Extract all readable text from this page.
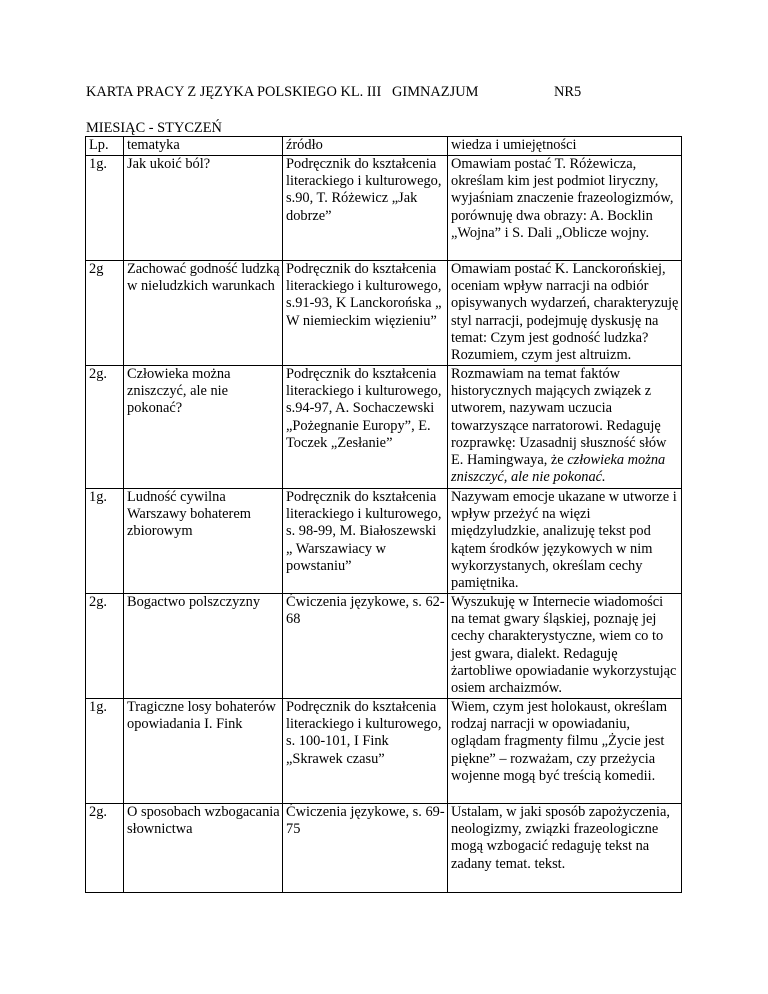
KARTA PRACY Z JĘZYKA POLSKIEGO KL. III   GIMNAZJUM	NR5
MIESIĄC - STYCZEŃ
Lp.	tematyka	źródło	wiedza i umiejętności
1g.	Jak ukoić ból?	Podręcznik do kształcenia literackiego i kulturowego, s.90, T. Różewicz „Jak dobrze”	Omawiam postać T. Różewicza, określam kim jest podmiot liryczny, wyjaśniam znaczenie frazeologizmów, porównuję dwa obrazy: A. Bocklin „Wojna” i S. Dali „Oblicze wojny.
2g	Zachować godność ludzką w nieludzkich warunkach	Podręcznik do kształcenia literackiego i kulturowego, s.91-93, K Lanckorońska „ W niemieckim więzieniu”	Omawiam postać K. Lanckorońskiej, oceniam wpływ narracji na odbiór opisywanych wydarzeń, charakteryzuję styl narracji, podejmuję dyskusję na temat: Czym jest godność ludzka? Rozumiem, czym jest altruizm.
2g.	Człowieka można zniszczyć, ale nie pokonać?	Podręcznik do kształcenia literackiego i kulturowego, s.94-97, A. Sochaczewski „Pożegnanie Europy”, E. Toczek „Zesłanie”	Rozmawiam na temat faktów historycznych mających związek z utworem, nazywam uczucia towarzyszące narratorowi. Redaguję rozprawkę: Uzasadnij słuszność słów E. Hamingwaya, że człowieka można zniszczyć, ale nie pokonać.
1g.	Ludność cywilna Warszawy bohaterem zbiorowym	Podręcznik do kształcenia literackiego i kulturowego, s. 98-99, M. Białoszewski „ Warszawiacy w powstaniu”	Nazywam emocje ukazane w utworze i wpływ przeżyć na więzi międzyludzkie, analizuję tekst pod kątem środków językowych w nim wykorzystanych, określam cechy pamiętnika.
2g.	Bogactwo polszczyzny	Ćwiczenia językowe, s. 62-68	Wyszukuję w Internecie wiadomości na temat gwary śląskiej, poznaję jej cechy charakterystyczne, wiem co to jest gwara, dialekt. Redaguję żartobliwe opowiadanie wykorzystując osiem archaizmów.
1g.	Tragiczne losy bohaterów opowiadania I. Fink	Podręcznik do kształcenia literackiego i kulturowego, s. 100-101, I Fink „Skrawek czasu”	Wiem, czym jest holokaust, określam rodzaj narracji w opowiadaniu, oglądam fragmenty filmu „Życie jest piękne” – rozważam, czy przeżycia wojenne mogą być treścią komedii.
2g.	O sposobach wzbogacania słownictwa	Ćwiczenia językowe, s. 69-75	Ustalam, w jaki sposób zapożyczenia, neologizmy, związki frazeologiczne mogą wzbogacić redaguję tekst na zadany temat. tekst.
